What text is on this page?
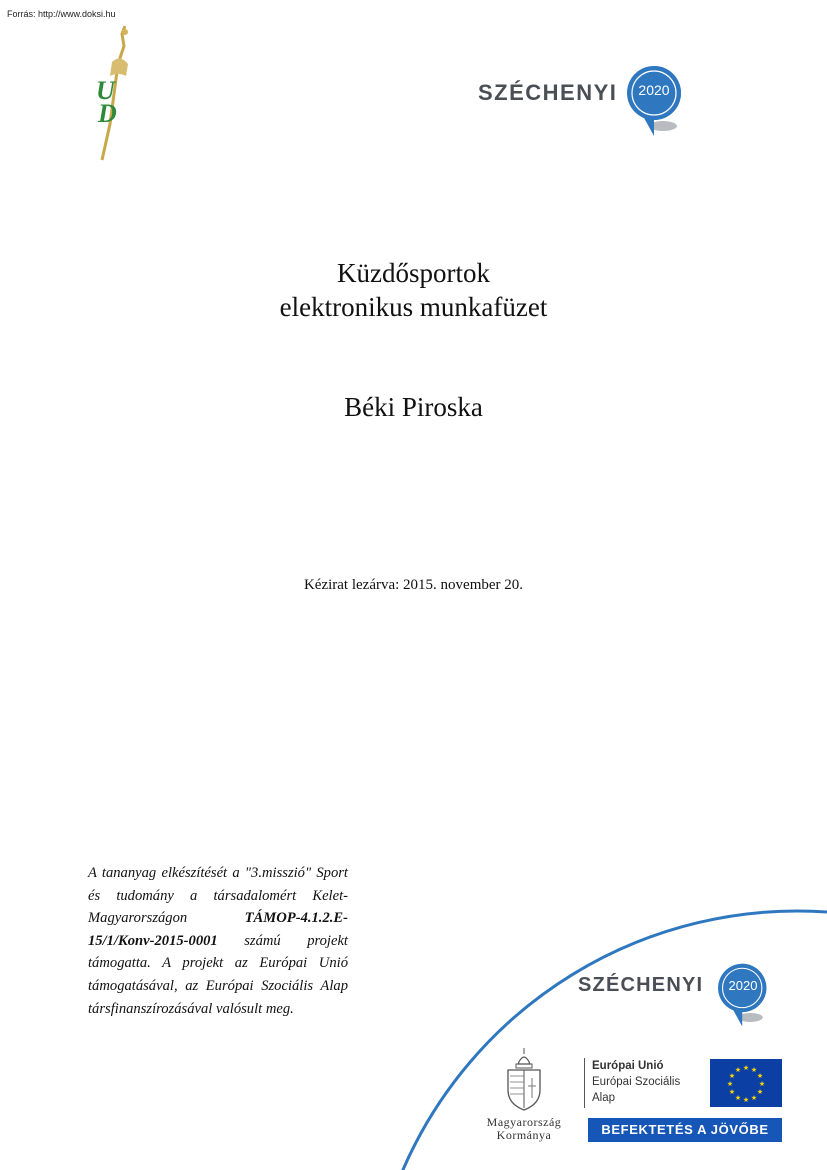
Forrás: http://www.doksi.hu
U
D
SZÉCHENYI	2020
Küzdősportok
elektronikus munkafüzet
Béki Piroska
Kézirat lezárva: 2015. november 20.
A tananyag elkészítését a "3.misszió" Sport és tudomány a társadalomért Kelet-Magyarországon TÁMOP-4.1.2.E-15/1/Konv-2015-0001 számú projekt támogatta. A projekt az Európai Unió támogatásával, az Európai Szociális Alap társfinanszírozásával valósult meg.
SZÉCHENYI	2020
Magyarország
Kormánya
Európai Unió
Európai Szociális
Alap
★ ★
★
★
★
★
★
★
★
★
★
★
BEFEKTETÉS A JÖVŐBE
